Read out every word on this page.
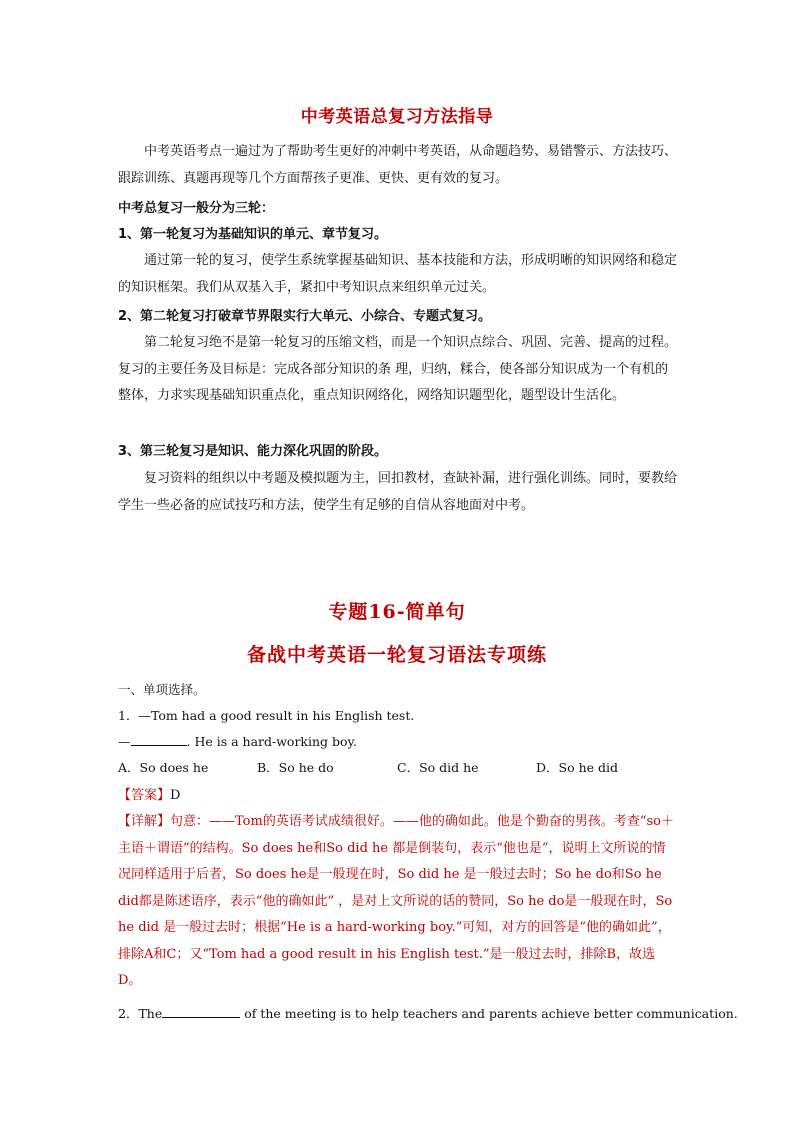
中考英语总复习方法指导

中考英语考点一遍过为了帮助考生更好的冲刺中考英语，从命题趋势、易错警示、方法技巧、跟踪训练、真题再现等几个方面帮孩子更准、更快、更有效的复习。

中考总复习一般分为三轮：

1、第一轮复习为基础知识的单元、章节复习。

通过第一轮的复习，使学生系统掌握基础知识、基本技能和方法，形成明晰的知识网络和稳定的知识框架。我们从双基入手，紧扣中考知识点来组织单元过关。

2、第二轮复习打破章节界限实行大单元、小综合、专题式复习。

第二轮复习绝不是第一轮复习的压缩文档，而是一个知识点综合、巩固、完善、提高的过程。复习的主要任务及目标是：完成各部分知识的条 理，归纳，糅合，使各部分知识成为一个有机的整体，力求实现基础知识重点化，重点知识网络化，网络知识题型化，题型设计生活化。

3、第三轮复习是知识、能力深化巩固的阶段。

复习资料的组织以中考题及模拟题为主，回扣教材，查缺补漏，进行强化训练。同时，要教给学生一些必备的应试技巧和方法，使学生有足够的自信从容地面对中考。

专题16-简单句
备战中考英语一轮复习语法专项练

一、单项选择。

1．—Tom had a good result in his English test.

—	. He is a hard-working boy.

A．So does he	B．So he do	C．So did he	D．So he did

【答案】D

【详解】句意：——Tom的英语考试成绩很好。——他的确如此。他是个勤奋的男孩。考查“so＋主语＋谓语”的结构。So does he和So did he 都是倒装句，表示“他也是”，说明上文所说的情况同样适用于后者，So does he是一般现在时，So did he 是一般过去时；So he do和So he did都是陈述语序，表示“他的确如此” ，是对上文所说的话的赞同，So he do是一般现在时，So he did 是一般过去时；根据“He is a hard-working boy.”可知，对方的回答是“他的确如此”，排除A和C；又“Tom had a good result in his English test.”是一般过去时，排除B，故选D。

2．The	of the meeting is to help teachers and parents achieve better communication.
